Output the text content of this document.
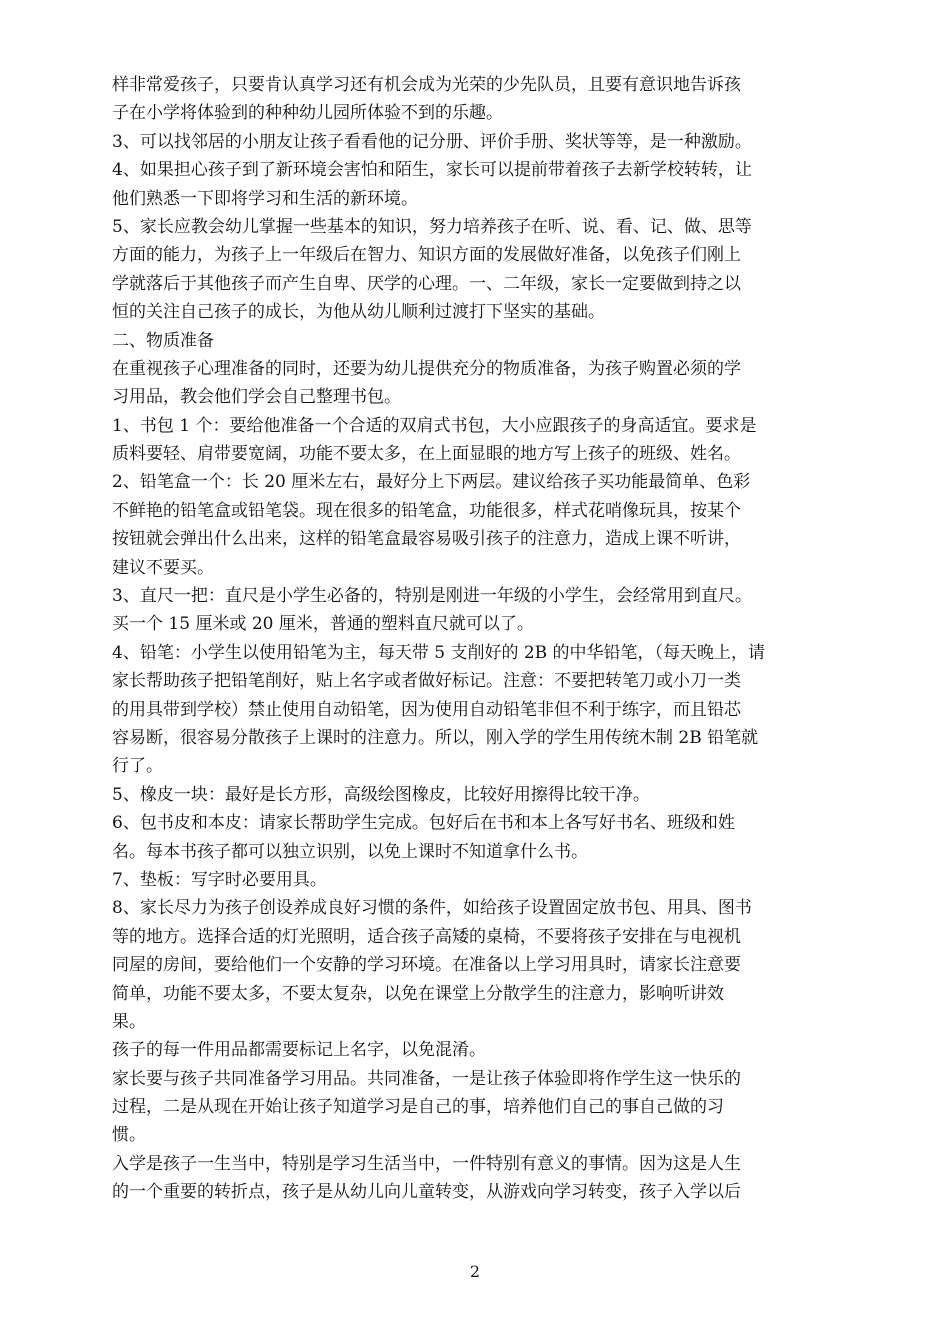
样非常爱孩子，只要肯认真学习还有机会成为光荣的少先队员，且要有意识地告诉孩
子在小学将体验到的种种幼儿园所体验不到的乐趣。
3、可以找邻居的小朋友让孩子看看他的记分册、评价手册、奖状等等，是一种激励。
4、如果担心孩子到了新环境会害怕和陌生，家长可以提前带着孩子去新学校转转，让
他们熟悉一下即将学习和生活的新环境。
5、家长应教会幼儿掌握一些基本的知识，努力培养孩子在听、说、看、记、做、思等
方面的能力，为孩子上一年级后在智力、知识方面的发展做好准备，以免孩子们刚上
学就落后于其他孩子而产生自卑、厌学的心理。一、二年级，家长一定要做到持之以
恒的关注自己孩子的成长，为他从幼儿顺利过渡打下坚实的基础。
二、物质准备
在重视孩子心理准备的同时，还要为幼儿提供充分的物质准备，为孩子购置必须的学
习用品，教会他们学会自己整理书包。
1、书包 1 个：要给他准备一个合适的双肩式书包，大小应跟孩子的身高适宜。要求是
质料要轻、肩带要宽阔，功能不要太多，在上面显眼的地方写上孩子的班级、姓名。
2、铅笔盒一个：长 20 厘米左右，最好分上下两层。建议给孩子买功能最简单、色彩
不鲜艳的铅笔盒或铅笔袋。现在很多的铅笔盒，功能很多，样式花哨像玩具，按某个
按钮就会弹出什么出来，这样的铅笔盒最容易吸引孩子的注意力，造成上课不听讲，
建议不要买。
3、直尺一把：直尺是小学生必备的，特别是刚进一年级的小学生，会经常用到直尺。
买一个 15 厘米或 20 厘米，普通的塑料直尺就可以了。
4、铅笔：小学生以使用铅笔为主，每天带 5 支削好的 2B 的中华铅笔，（每天晚上，请
家长帮助孩子把铅笔削好，贴上名字或者做好标记。注意：不要把转笔刀或小刀一类
的用具带到学校）禁止使用自动铅笔，因为使用自动铅笔非但不利于练字，而且铅芯
容易断，很容易分散孩子上课时的注意力。所以，刚入学的学生用传统木制 2B 铅笔就
行了。
5、橡皮一块：最好是长方形，高级绘图橡皮，比较好用擦得比较干净。
6、包书皮和本皮：请家长帮助学生完成。包好后在书和本上各写好书名、班级和姓
名。每本书孩子都可以独立识别，以免上课时不知道拿什么书。
7、垫板：写字时必要用具。
8、家长尽力为孩子创设养成良好习惯的条件，如给孩子设置固定放书包、用具、图书
等的地方。选择合适的灯光照明，适合孩子高矮的桌椅，不要将孩子安排在与电视机
同屋的房间，要给他们一个安静的学习环境。在准备以上学习用具时，请家长注意要
简单，功能不要太多，不要太复杂，以免在课堂上分散学生的注意力，影响听讲效
果。
孩子的每一件用品都需要标记上名字，以免混淆。
家长要与孩子共同准备学习用品。共同准备，一是让孩子体验即将作学生这一快乐的
过程，二是从现在开始让孩子知道学习是自己的事，培养他们自己的事自己做的习
惯。
入学是孩子一生当中，特别是学习生活当中，一件特别有意义的事情。因为这是人生
的一个重要的转折点，孩子是从幼儿向儿童转变，从游戏向学习转变，孩子入学以后
2
